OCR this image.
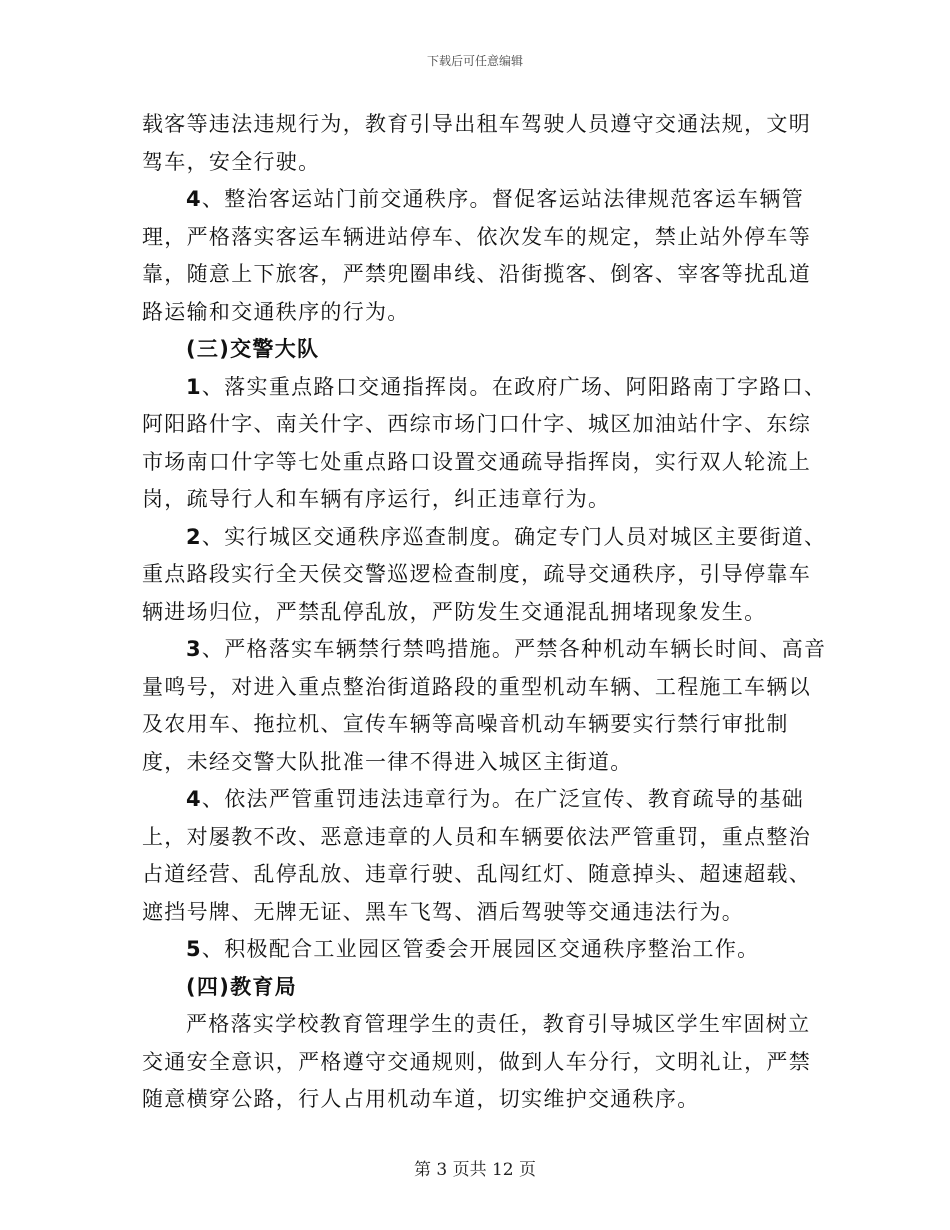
下载后可任意编辑

载客等违法违规行为，教育引导出租车驾驶人员遵守交通法规，文明驾车，安全行驶。

4、整治客运站门前交通秩序。督促客运站法律规范客运车辆管理，严格落实客运车辆进站停车、依次发车的规定，禁止站外停车等靠，随意上下旅客，严禁兜圈串线、沿街揽客、倒客、宰客等扰乱道路运输和交通秩序的行为。

(三)交警大队

1、落实重点路口交通指挥岗。在政府广场、阿阳路南丁字路口、阿阳路什字、南关什字、西综市场门口什字、城区加油站什字、东综市场南口什字等七处重点路口设置交通疏导指挥岗，实行双人轮流上岗，疏导行人和车辆有序运行，纠正违章行为。

2、实行城区交通秩序巡查制度。确定专门人员对城区主要街道、重点路段实行全天侯交警巡逻检查制度，疏导交通秩序，引导停靠车辆进场归位，严禁乱停乱放，严防发生交通混乱拥堵现象发生。

3、严格落实车辆禁行禁鸣措施。严禁各种机动车辆长时间、高音量鸣号，对进入重点整治街道路段的重型机动车辆、工程施工车辆以及农用车、拖拉机、宣传车辆等高噪音机动车辆要实行禁行审批制度，未经交警大队批准一律不得进入城区主街道。

4、依法严管重罚违法违章行为。在广泛宣传、教育疏导的基础上，对屡教不改、恶意违章的人员和车辆要依法严管重罚，重点整治占道经营、乱停乱放、违章行驶、乱闯红灯、随意掉头、超速超载、遮挡号牌、无牌无证、黑车飞驾、酒后驾驶等交通违法行为。

5、积极配合工业园区管委会开展园区交通秩序整治工作。

(四)教育局

严格落实学校教育管理学生的责任，教育引导城区学生牢固树立交通安全意识，严格遵守交通规则，做到人车分行，文明礼让，严禁随意横穿公路，行人占用机动车道，切实维护交通秩序。

第 3 页共 12 页
